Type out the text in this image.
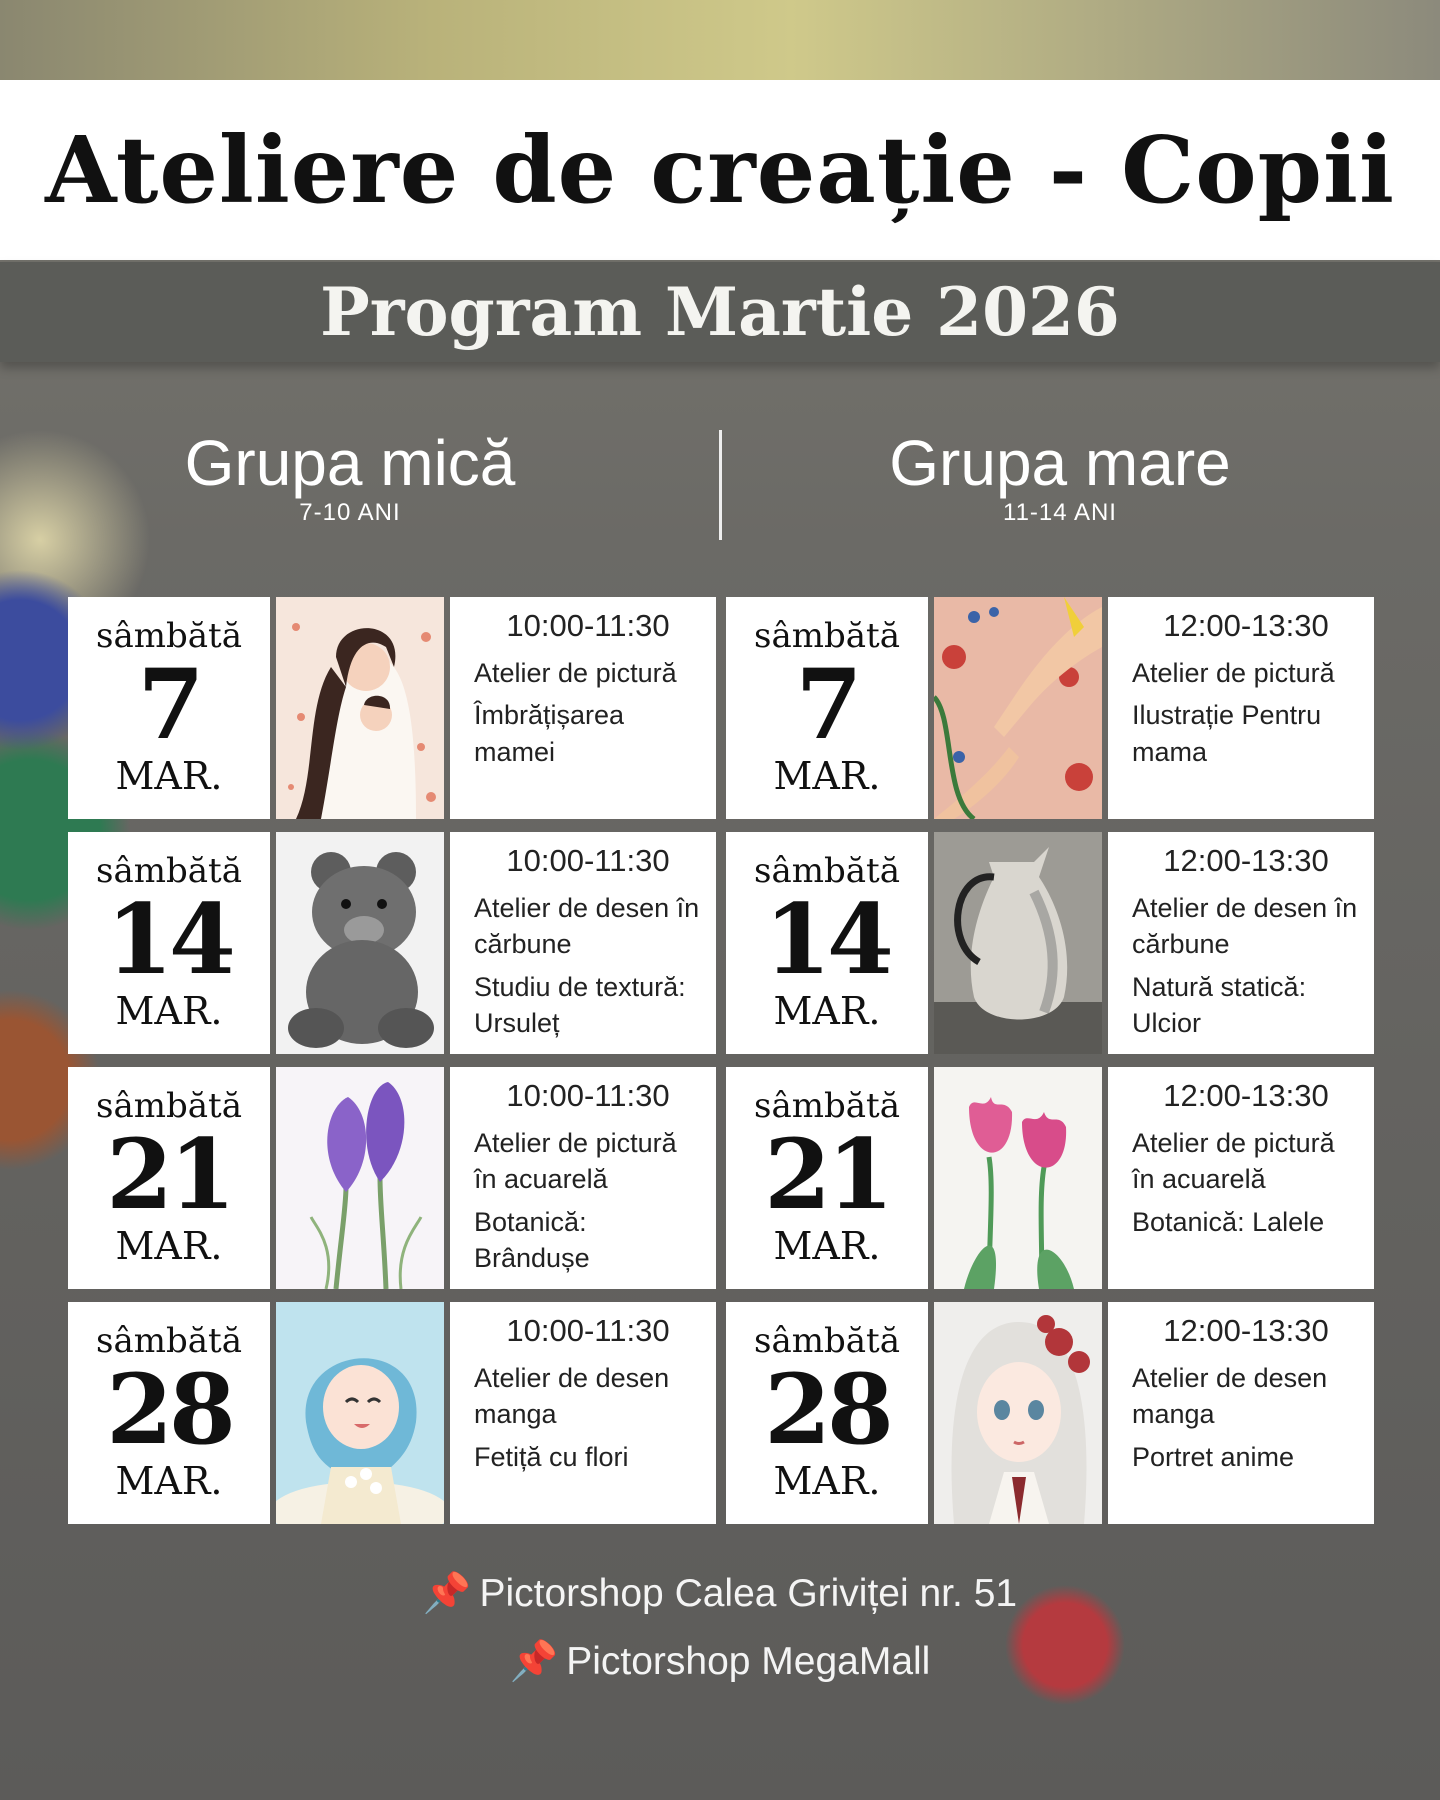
Ateliere de creație - Copii
Program Martie 2026
Grupa mică
7-10 ANI
Grupa mare
11-14 ANI
sâmbătă
7
MAR.
10:00-11:30
Atelier de pictură
Îmbrățișarea mamei
sâmbătă
14
MAR.
10:00-11:30
Atelier de desen în cărbune
Studiu de textură: Ursuleț
sâmbătă
21
MAR.
10:00-11:30
Atelier de pictură în acuarelă
Botanică: Brândușe
sâmbătă
28
MAR.
10:00-11:30
Atelier de desen manga
Fetiță cu flori
sâmbătă
7
MAR.
12:00-13:30
Atelier de pictură
Ilustrație Pentru mama
sâmbătă
14
MAR.
12:00-13:30
Atelier de desen în cărbune
Natură statică: Ulcior
sâmbătă
21
MAR.
12:00-13:30
Atelier de pictură în acuarelă
Botanică: Lalele
sâmbătă
28
MAR.
12:00-13:30
Atelier de desen manga
Portret anime
📌 Pictorshop Calea Griviței nr. 51
📌 Pictorshop MegaMall
